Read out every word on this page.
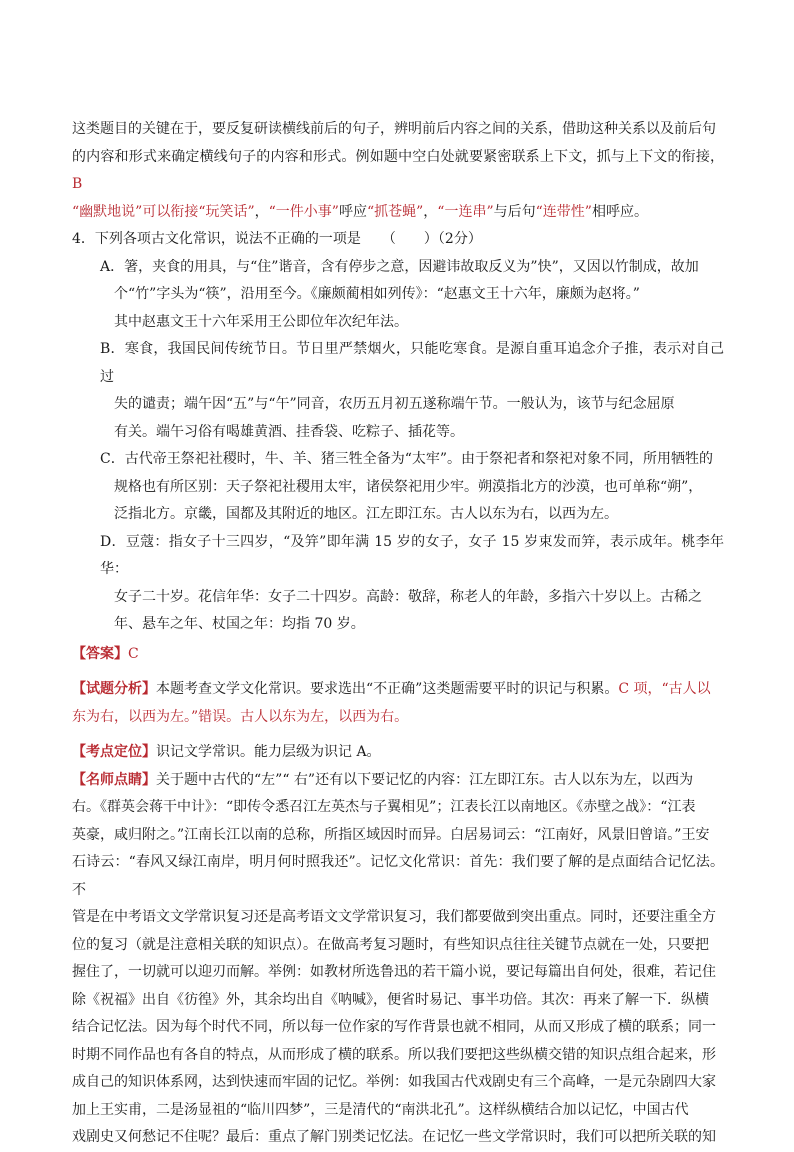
这类题目的关键在于，要反复研读横线前后的句子，辨明前后内容之间的关系，借助这种关系以及前后句
的内容和形式来确定横线句子的内容和形式。例如题中空白处就要紧密联系上下文，抓与上下文的衔接，B
“幽默地说”可以衔接“玩笑话”，“一件小事”呼应“抓苍蝇”，“一连串”与后句“连带性”相呼应。

4．下列各项古文化常识，说法不正确的一项是　　（　　）（2分）

A．箸，夹食的用具，与“住”谐音，含有停步之意，因避讳故取反义为”快”，又因以竹制成，故加

个“竹”字头为“筷”，沿用至今。《廉颇蔺相如列传》：“赵惠文王十六年，廉颇为赵将。”

其中赵惠文王十六年采用王公即位年次纪年法。

B．寒食，我国民间传统节日。节日里严禁烟火，只能吃寒食。是源自重耳追念介子推，表示对自己过

失的谴责；端午因“五”与“午”同音，农历五月初五遂称端午节。一般认为，该节与纪念屈原

有关。端午习俗有喝雄黄酒、挂香袋、吃粽子、插花等。

C．古代帝王祭祀社稷时，牛、羊、猪三牲全备为“太牢”。由于祭祀者和祭祀对象不同，所用牺牲的

规格也有所区别：天子祭祀社稷用太牢，诸侯祭祀用少牢。朔漠指北方的沙漠，也可单称“朔”，

泛指北方。京畿，国都及其附近的地区。江左即江东。古人以东为右，以西为左。

D．豆蔻：指女子十三四岁，“及笄”即年满 15 岁的女子，女子 15 岁束发而笄，表示成年。桃李年华：

女子二十岁。花信年华：女子二十四岁。高龄：敬辞，称老人的年龄，多指六十岁以上。古稀之

年、悬车之年、杖国之年：均指 70 岁。

【答案】C

【试题分析】本题考查文学文化常识。要求选出“不正确”这类题需要平时的识记与积累。C 项，“古人以
东为右，以西为左。”错误。古人以东为左，以西为右。

【考点定位】识记文学常识。能力层级为识记 A。

【名师点睛】关于题中古代的“左”“ 右”还有以下要记忆的内容：江左即江东。古人以东为左，以西为
右。《群英会蒋干中计》：“即传令悉召江左英杰与子翼相见”；江表长江以南地区。《赤壁之战》：“江表
英豪，咸归附之。”江南长江以南的总称，所指区域因时而异。白居易词云：“江南好，风景旧曾谙。”王安
石诗云：“春风又绿江南岸，明月何时照我还”。记忆文化常识：首先：我们要了解的是点面结合记忆法。不
管是在中考语文文学常识复习还是高考语文文学常识复习，我们都要做到突出重点。同时，还要注重全方
位的复习（就是注意相关联的知识点）。在做高考复习题时，有些知识点往往关键节点就在一处，只要把
握住了，一切就可以迎刃而解。举例：如教材所选鲁迅的若干篇小说，要记每篇出自何处，很难，若记住
除《祝福》出自《彷徨》外，其余均出自《呐喊》，便省时易记、事半功倍。其次：再来了解一下．纵横
结合记忆法。因为每个时代不同，所以每一位作家的写作背景也就不相同，从而又形成了横的联系；同一
时期不同作品也有各自的特点，从而形成了横的联系。所以我们要把这些纵横交错的知识点组合起来，形
成自己的知识体系网，达到快速而牢固的记忆。举例：如我国古代戏剧史有三个高峰，一是元杂剧四大家
加上王实甫，二是汤显祖的“临川四梦”，三是清代的“南洪北孔”。这样纵横结合加以记忆，中国古代
戏剧史又何愁记不住呢？最后：重点了解门别类记忆法。在记忆一些文学常识时，我们可以把所关联的知
